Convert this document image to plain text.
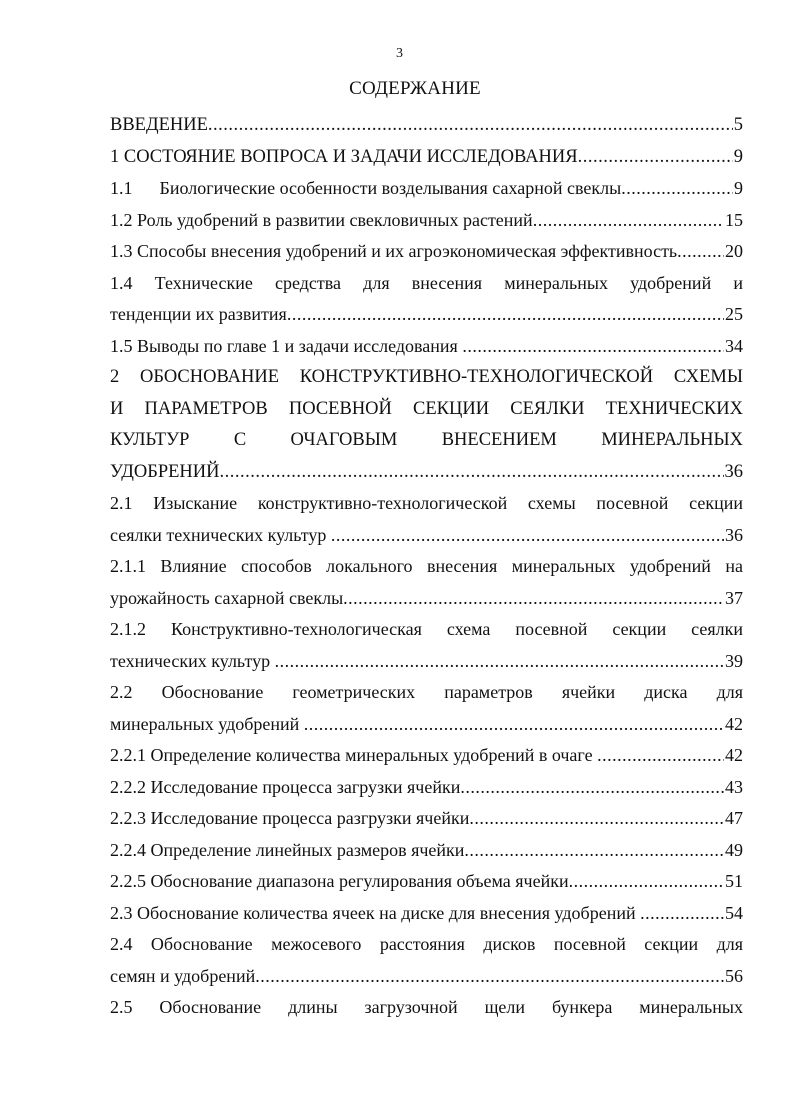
3
СОДЕРЖАНИЕ
ВВЕДЕНИЕ .....	5
1 СОСТОЯНИЕ ВОПРОСА И ЗАДАЧИ ИССЛЕДОВАНИЯ .....	9
1.1      Биологические особенности возделывания сахарной свеклы .....	9
1.2 Роль удобрений в развитии свекловичных растений .....	15
1.3 Способы внесения удобрений и их агроэкономическая эффективность .....	20
1.4 Технические средства для внесения минеральных удобрений и
тенденции их развития .....	25
1.5 Выводы по главе 1 и задачи исследования .....	34
2 ОБОСНОВАНИЕ КОНСТРУКТИВНО-ТЕХНОЛОГИЧЕСКОЙ СХЕМЫ
И ПАРАМЕТРОВ ПОСЕВНОЙ СЕКЦИИ СЕЯЛКИ ТЕХНИЧЕСКИХ
КУЛЬТУР С ОЧАГОВЫМ ВНЕСЕНИЕМ МИНЕРАЛЬНЫХ
УДОБРЕНИЙ .....	36
2.1 Изыскание конструктивно-технологической схемы посевной секции
сеялки технических культур .....	36
2.1.1 Влияние способов локального внесения минеральных удобрений на
урожайность сахарной свеклы .....	37
2.1.2 Конструктивно-технологическая схема посевной секции сеялки
технических культур .....	39
2.2 Обоснование геометрических параметров ячейки диска для
минеральных удобрений .....	42
2.2.1 Определение количества минеральных удобрений в очаге .....	42
2.2.2 Исследование процесса загрузки ячейки .....	43
2.2.3 Исследование процесса разгрузки ячейки .....	47
2.2.4 Определение линейных размеров ячейки .....	49
2.2.5 Обоснование диапазона регулирования объема ячейки .....	51
2.3 Обоснование количества ячеек на диске для внесения удобрений .....	54
2.4 Обоснование межосевого расстояния дисков посевной секции для
семян и удобрений .....	56
2.5 Обоснование длины загрузочной щели бункера минеральных
